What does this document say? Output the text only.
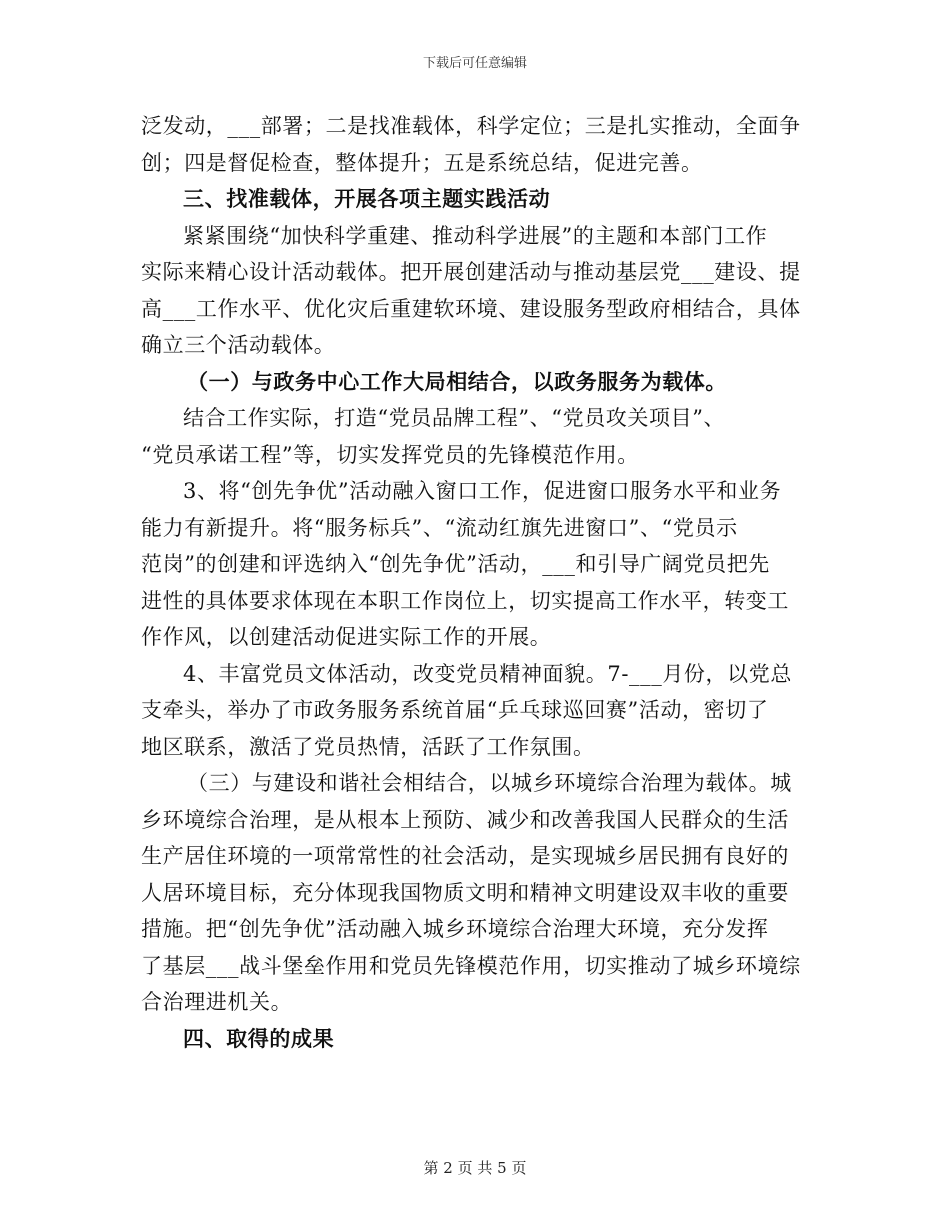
下载后可任意编辑
泛发动，___部署；二是找准载体，科学定位；三是扎实推动，全面争
创；四是督促检查，整体提升；五是系统总结，促进完善。
三、找准载体，开展各项主题实践活动
紧紧围绕“加快科学重建、推动科学进展”的主题和本部门工作
实际来精心设计活动载体。把开展创建活动与推动基层党___建设、提
高___工作水平、优化灾后重建软环境、建设服务型政府相结合，具体
确立三个活动载体。
（一）与政务中心工作大局相结合，以政务服务为载体。
结合工作实际，打造“党员品牌工程”、“党员攻关项目”、
“党员承诺工程”等，切实发挥党员的先锋模范作用。
3、将“创先争优”活动融入窗口工作，促进窗口服务水平和业务
能力有新提升。将“服务标兵”、“流动红旗先进窗口”、“党员示
范岗”的创建和评选纳入“创先争优”活动，___和引导广阔党员把先
进性的具体要求体现在本职工作岗位上，切实提高工作水平，转变工
作作风，以创建活动促进实际工作的开展。
4、丰富党员文体活动，改变党员精神面貌。7-___月份，以党总
支牵头，举办了市政务服务系统首届“乒乓球巡回赛”活动，密切了
地区联系，激活了党员热情，活跃了工作氛围。
（三）与建设和谐社会相结合，以城乡环境综合治理为载体。城
乡环境综合治理，是从根本上预防、减少和改善我国人民群众的生活
生产居住环境的一项常常性的社会活动，是实现城乡居民拥有良好的
人居环境目标，充分体现我国物质文明和精神文明建设双丰收的重要
措施。把“创先争优”活动融入城乡环境综合治理大环境，充分发挥
了基层___战斗堡垒作用和党员先锋模范作用，切实推动了城乡环境综
合治理进机关。
四、取得的成果
第 2 页 共 5 页
